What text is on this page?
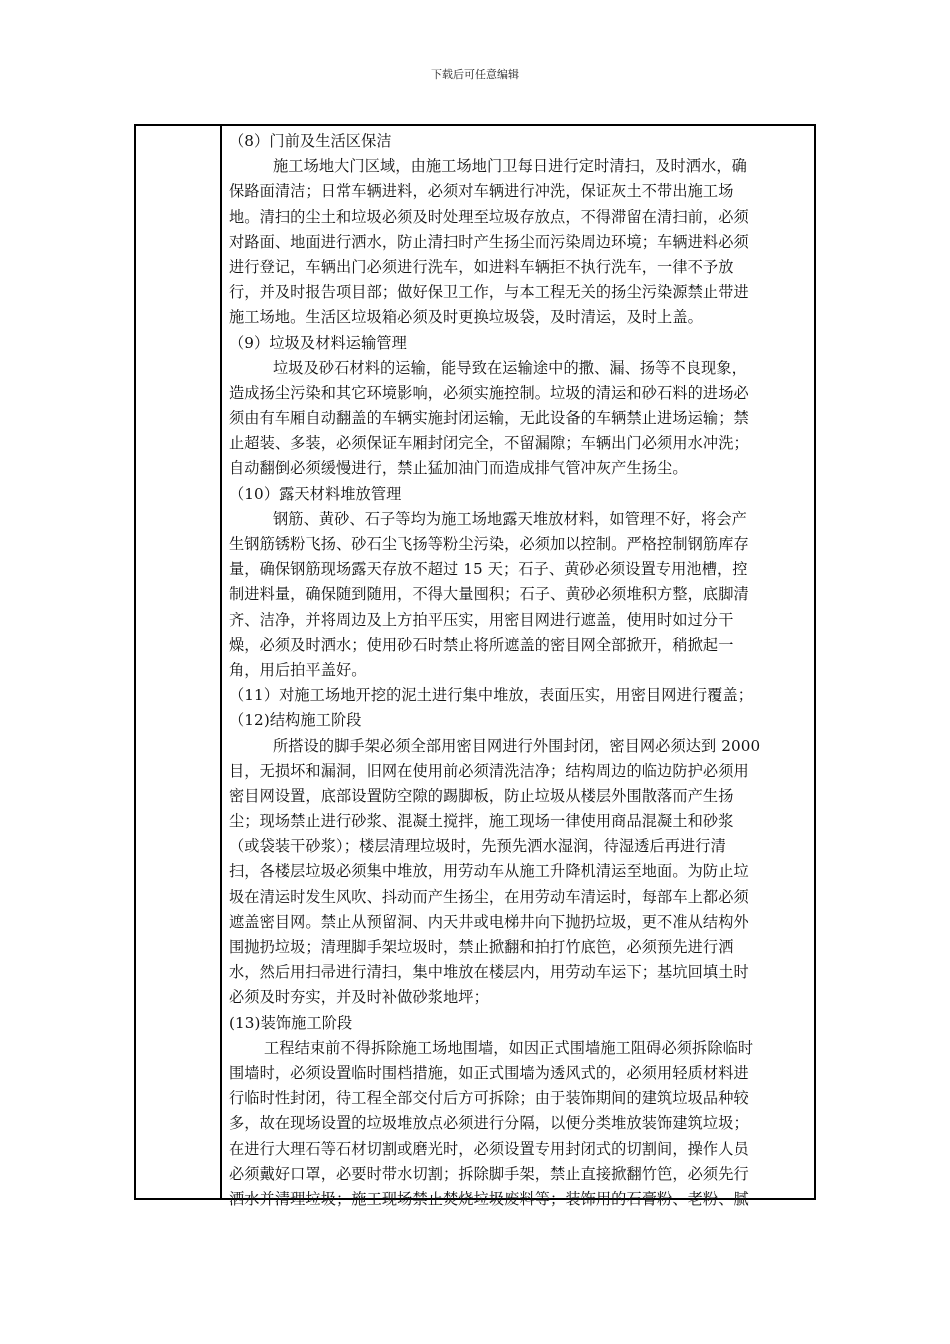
下载后可任意编辑
（8）门前及生活区保洁
施工场地大门区域，由施工场地门卫每日进行定时清扫，及时洒水，确
保路面清洁；日常车辆进料，必须对车辆进行冲洗，保证灰土不带出施工场
地。清扫的尘土和垃圾必须及时处理至垃圾存放点，不得滞留在清扫前，必须
对路面、地面进行洒水，防止清扫时产生扬尘而污染周边环境；车辆进料必须
进行登记，车辆出门必须进行洗车，如进料车辆拒不执行洗车，一律不予放
行，并及时报告项目部；做好保卫工作，与本工程无关的扬尘污染源禁止带进
施工场地。生活区垃圾箱必须及时更换垃圾袋，及时清运，及时上盖。
（9）垃圾及材料运输管理
垃圾及砂石材料的运输，能导致在运输途中的撒、漏、扬等不良现象，
造成扬尘污染和其它环境影响，必须实施控制。垃圾的清运和砂石料的进场必
须由有车厢自动翻盖的车辆实施封闭运输，无此设备的车辆禁止进场运输；禁
止超装、多装，必须保证车厢封闭完全，不留漏隙；车辆出门必须用水冲洗；
自动翻倒必须缓慢进行，禁止猛加油门而造成排气管冲灰产生扬尘。
（10）露天材料堆放管理
钢筋、黄砂、石子等均为施工场地露天堆放材料，如管理不好，将会产
生钢筋锈粉飞扬、砂石尘飞扬等粉尘污染，必须加以控制。严格控制钢筋库存
量，确保钢筋现场露天存放不超过 15 天；石子、黄砂必须设置专用池槽，控
制进料量，确保随到随用，不得大量囤积；石子、黄砂必须堆积方整，底脚清
齐、洁净，并将周边及上方拍平压实，用密目网进行遮盖，使用时如过分干
燥，必须及时洒水；使用砂石时禁止将所遮盖的密目网全部掀开，稍掀起一
角，用后拍平盖好。
（11）对施工场地开挖的泥土进行集中堆放，表面压实，用密目网进行覆盖；
（12)结构施工阶段
所搭设的脚手架必须全部用密目网进行外围封闭，密目网必须达到 2000
目，无损坏和漏洞，旧网在使用前必须清洗洁净；结构周边的临边防护必须用
密目网设置，底部设置防空隙的踢脚板，防止垃圾从楼层外围散落而产生扬
尘；现场禁止进行砂浆、混凝土搅拌，施工现场一律使用商品混凝土和砂浆
（或袋装干砂浆）；楼层清理垃圾时，先预先洒水湿润，待湿透后再进行清
扫，各楼层垃圾必须集中堆放，用劳动车从施工升降机清运至地面。为防止垃
圾在清运时发生风吹、抖动而产生扬尘，在用劳动车清运时，每部车上都必须
遮盖密目网。禁止从预留洞、内天井或电梯井向下抛扔垃圾，更不准从结构外
围抛扔垃圾；清理脚手架垃圾时，禁止掀翻和拍打竹底笆，必须预先进行洒
水，然后用扫帚进行清扫，集中堆放在楼层内，用劳动车运下；基坑回填土时
必须及时夯实，并及时补做砂浆地坪；
(13)装饰施工阶段
工程结束前不得拆除施工场地围墙，如因正式围墙施工阻碍必须拆除临时
围墙时，必须设置临时围档措施，如正式围墙为透风式的，必须用轻质材料进
行临时性封闭，待工程全部交付后方可拆除；由于装饰期间的建筑垃圾品种较
多，故在现场设置的垃圾堆放点必须进行分隔，以便分类堆放装饰建筑垃圾；
在进行大理石等石材切割或磨光时，必须设置专用封闭式的切割间，操作人员
必须戴好口罩，必要时带水切割；拆除脚手架，禁止直接掀翻竹笆，必须先行
洒水并清理垃圾；施工现场禁止焚烧垃圾废料等；装饰用的石膏粉、老粉、腻
